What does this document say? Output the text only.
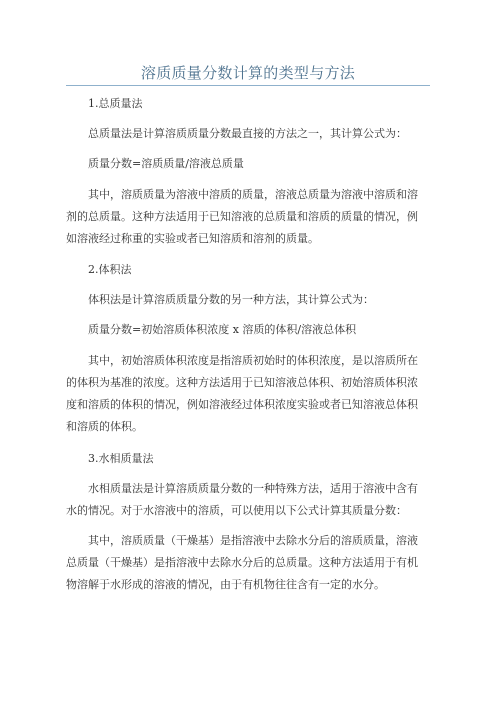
溶质质量分数计算的类型与方法
1.总质量法
总质量法是计算溶质质量分数最直接的方法之一，其计算公式为：
质量分数=溶质质量/溶液总质量
其中，溶质质量为溶液中溶质的质量，溶液总质量为溶液中溶质和溶
剂的总质量。这种方法适用于已知溶液的总质量和溶质的质量的情况，例
如溶液经过称重的实验或者已知溶质和溶剂的质量。
2.体积法
体积法是计算溶质质量分数的另一种方法，其计算公式为：
质量分数=初始溶质体积浓度 x 溶质的体积/溶液总体积
其中，初始溶质体积浓度是指溶质初始时的体积浓度，是以溶质所在
的体积为基准的浓度。这种方法适用于已知溶液总体积、初始溶质体积浓
度和溶质的体积的情况，例如溶液经过体积浓度实验或者已知溶液总体积
和溶质的体积。
3.水相质量法
水相质量法是计算溶质质量分数的一种特殊方法，适用于溶液中含有
水的情况。对于水溶液中的溶质，可以使用以下公式计算其质量分数：
其中，溶质质量（干燥基）是指溶液中去除水分后的溶质质量，溶液
总质量（干燥基）是指溶液中去除水分后的总质量。这种方法适用于有机
物溶解于水形成的溶液的情况，由于有机物往往含有一定的水分。
